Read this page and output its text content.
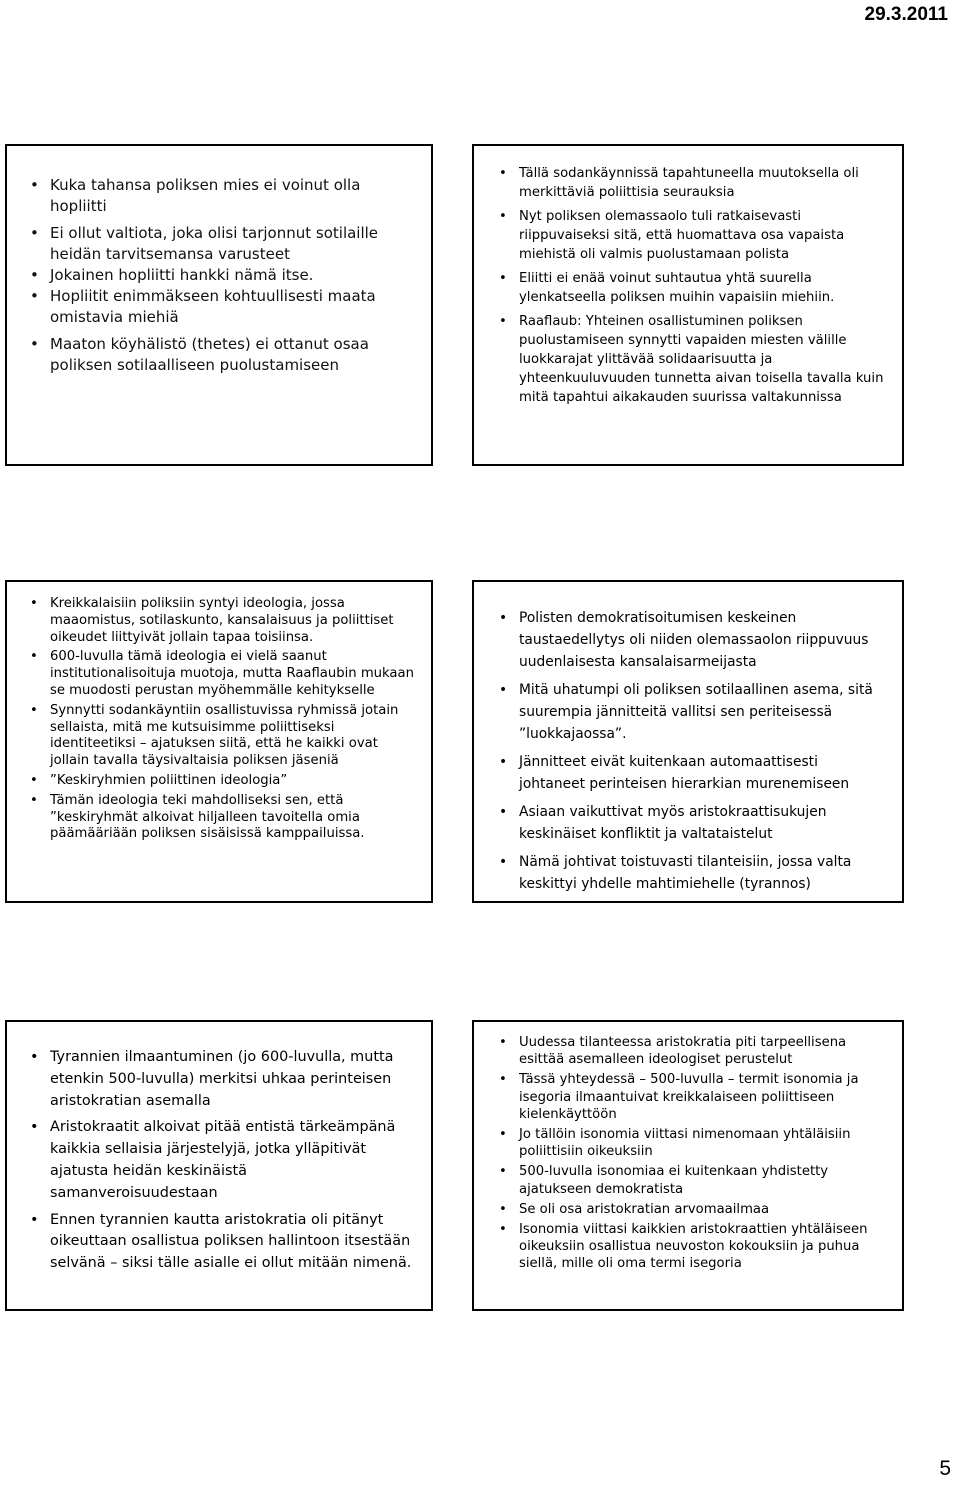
29.3.2011
• Kuka tahansa poliksen mies ei voinut olla hopliitti
• Ei ollut valtiota, joka olisi tarjonnut sotilaille heidän tarvitsemansa varusteet
• Jokainen hopliitti hankki nämä itse.
• Hopliitit enimmäkseen kohtuullisesti maata omistavia miehiä
• Maaton köyhälistö (thetes) ei ottanut osaa poliksen sotilaalliseen puolustamiseen
• Tällä sodankäynnissä tapahtuneella muutoksella oli merkittäviä poliittisia seurauksia
• Nyt poliksen olemassaolo tuli ratkaisevasti riippuvaiseksi sitä, että huomattava osa vapaista miehistä oli valmis puolustamaan polista
• Eliitti ei enää voinut suhtautua yhtä suurella ylenkatseella poliksen muihin vapaisiin miehiin.
• Raaflaub: Yhteinen osallistuminen poliksen puolustamiseen synnytti vapaiden miesten välille luokkarajat ylittävää solidaarisuutta ja yhteenkuuluvuuden tunnetta aivan toisella tavalla kuin mitä tapahtui aikakauden suurissa valtakunnissa
• Kreikkalaisiin poliksiin syntyi ideologia, jossa maaomistus, sotilaskunto, kansalaisuus ja poliittiset oikeudet liittyivät jollain tapaa toisiinsa.
• 600-luvulla tämä ideologia ei vielä saanut institutionalisoituja muotoja, mutta Raaflaubin mukaan se muodosti perustan myöhemmälle kehitykselle
• Synnytti sodankäyntiin osallistuvissa ryhmissä jotain sellaista, mitä me kutsuisimme poliittiseksi identiteetiksi – ajatuksen siitä, että he kaikki ovat jollain tavalla täysivaltaisia poliksen jäseniä
• ”Keskiryhmien poliittinen ideologia”
• Tämän ideologia teki mahdolliseksi sen, että ”keskiryhmät alkoivat hiljalleen tavoitella omia päämääriään poliksen sisäisissä kamppailuissa.
• Polisten demokratisoitumisen keskeinen taustaedellytys oli niiden olemassaolon riippuvuus uudenlaisesta kansalaisarmeijasta
• Mitä uhatumpi oli poliksen sotilaallinen asema, sitä suurempia jännitteitä vallitsi sen periteisessä ”luokkajaossa”.
• Jännitteet eivät kuitenkaan automaattisesti johtaneet perinteisen hierarkian murenemiseen
• Asiaan vaikuttivat myös aristokraattisukujen keskinäiset konfliktit ja valtataistelut
• Nämä johtivat toistuvasti tilanteisiin, jossa valta keskittyi yhdelle mahtimiehelle (tyrannos)
• Tyrannien ilmaantuminen (jo 600-luvulla, mutta etenkin 500-luvulla) merkitsi uhkaa perinteisen aristokratian asemalla
• Aristokraatit alkoivat pitää entistä tärkeämpänä kaikkia sellaisia järjestelyjä, jotka ylläpitivät ajatusta heidän keskinäistä samanveroisuudestaan
• Ennen tyrannien kautta aristokratia oli pitänyt oikeuttaan osallistua poliksen hallintoon itsestään selvänä – siksi tälle asialle ei ollut mitään nimenä.
• Uudessa tilanteessa aristokratia piti tarpeellisena esittää asemalleen ideologiset perustelut
• Tässä yhteydessä – 500-luvulla – termit isonomia ja isegoria ilmaantuivat kreikkalaiseen poliittiseen kielenkäyttöön
• Jo tällöin isonomia viittasi nimenomaan yhtäläisiin poliittisiin oikeuksiin
• 500-luvulla isonomiaa ei kuitenkaan yhdistetty ajatukseen demokratista
• Se oli osa aristokratian arvomaailmaa
• Isonomia viittasi kaikkien aristokraattien yhtäläiseen oikeuksiin osallistua neuvoston kokouksiin ja puhua siellä, mille oli oma termi isegoria
5
